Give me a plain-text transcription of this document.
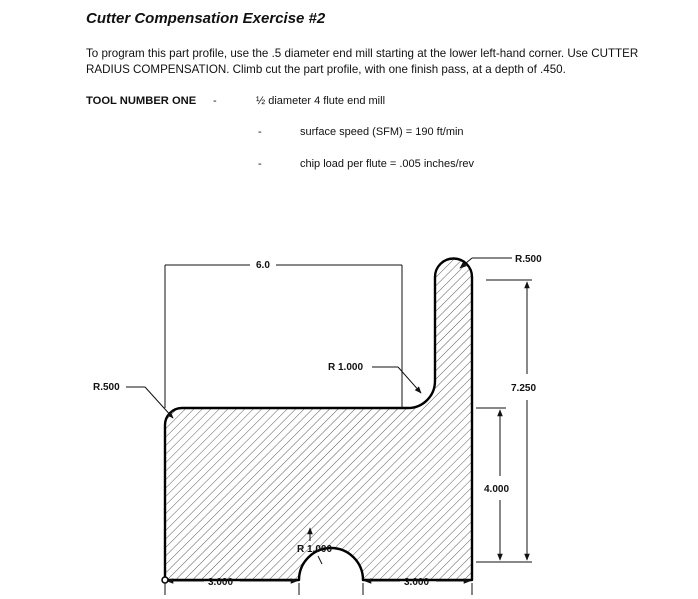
Cutter Compensation Exercise #2
To program this part profile, use the .5 diameter end mill starting at the lower left-hand corner. Use CUTTER RADIUS COMPENSATION. Climb cut the part profile, with one finish pass, at a depth of .450.
TOOL NUMBER ONE -	½ diameter 4 flute end mill
-	surface speed (SFM) = 190 ft/min
-	chip load per flute = .005 inches/rev
6.0
R.500
R 1.000
R.500	7.250
4.000
R 1.000
3.000	3.000
